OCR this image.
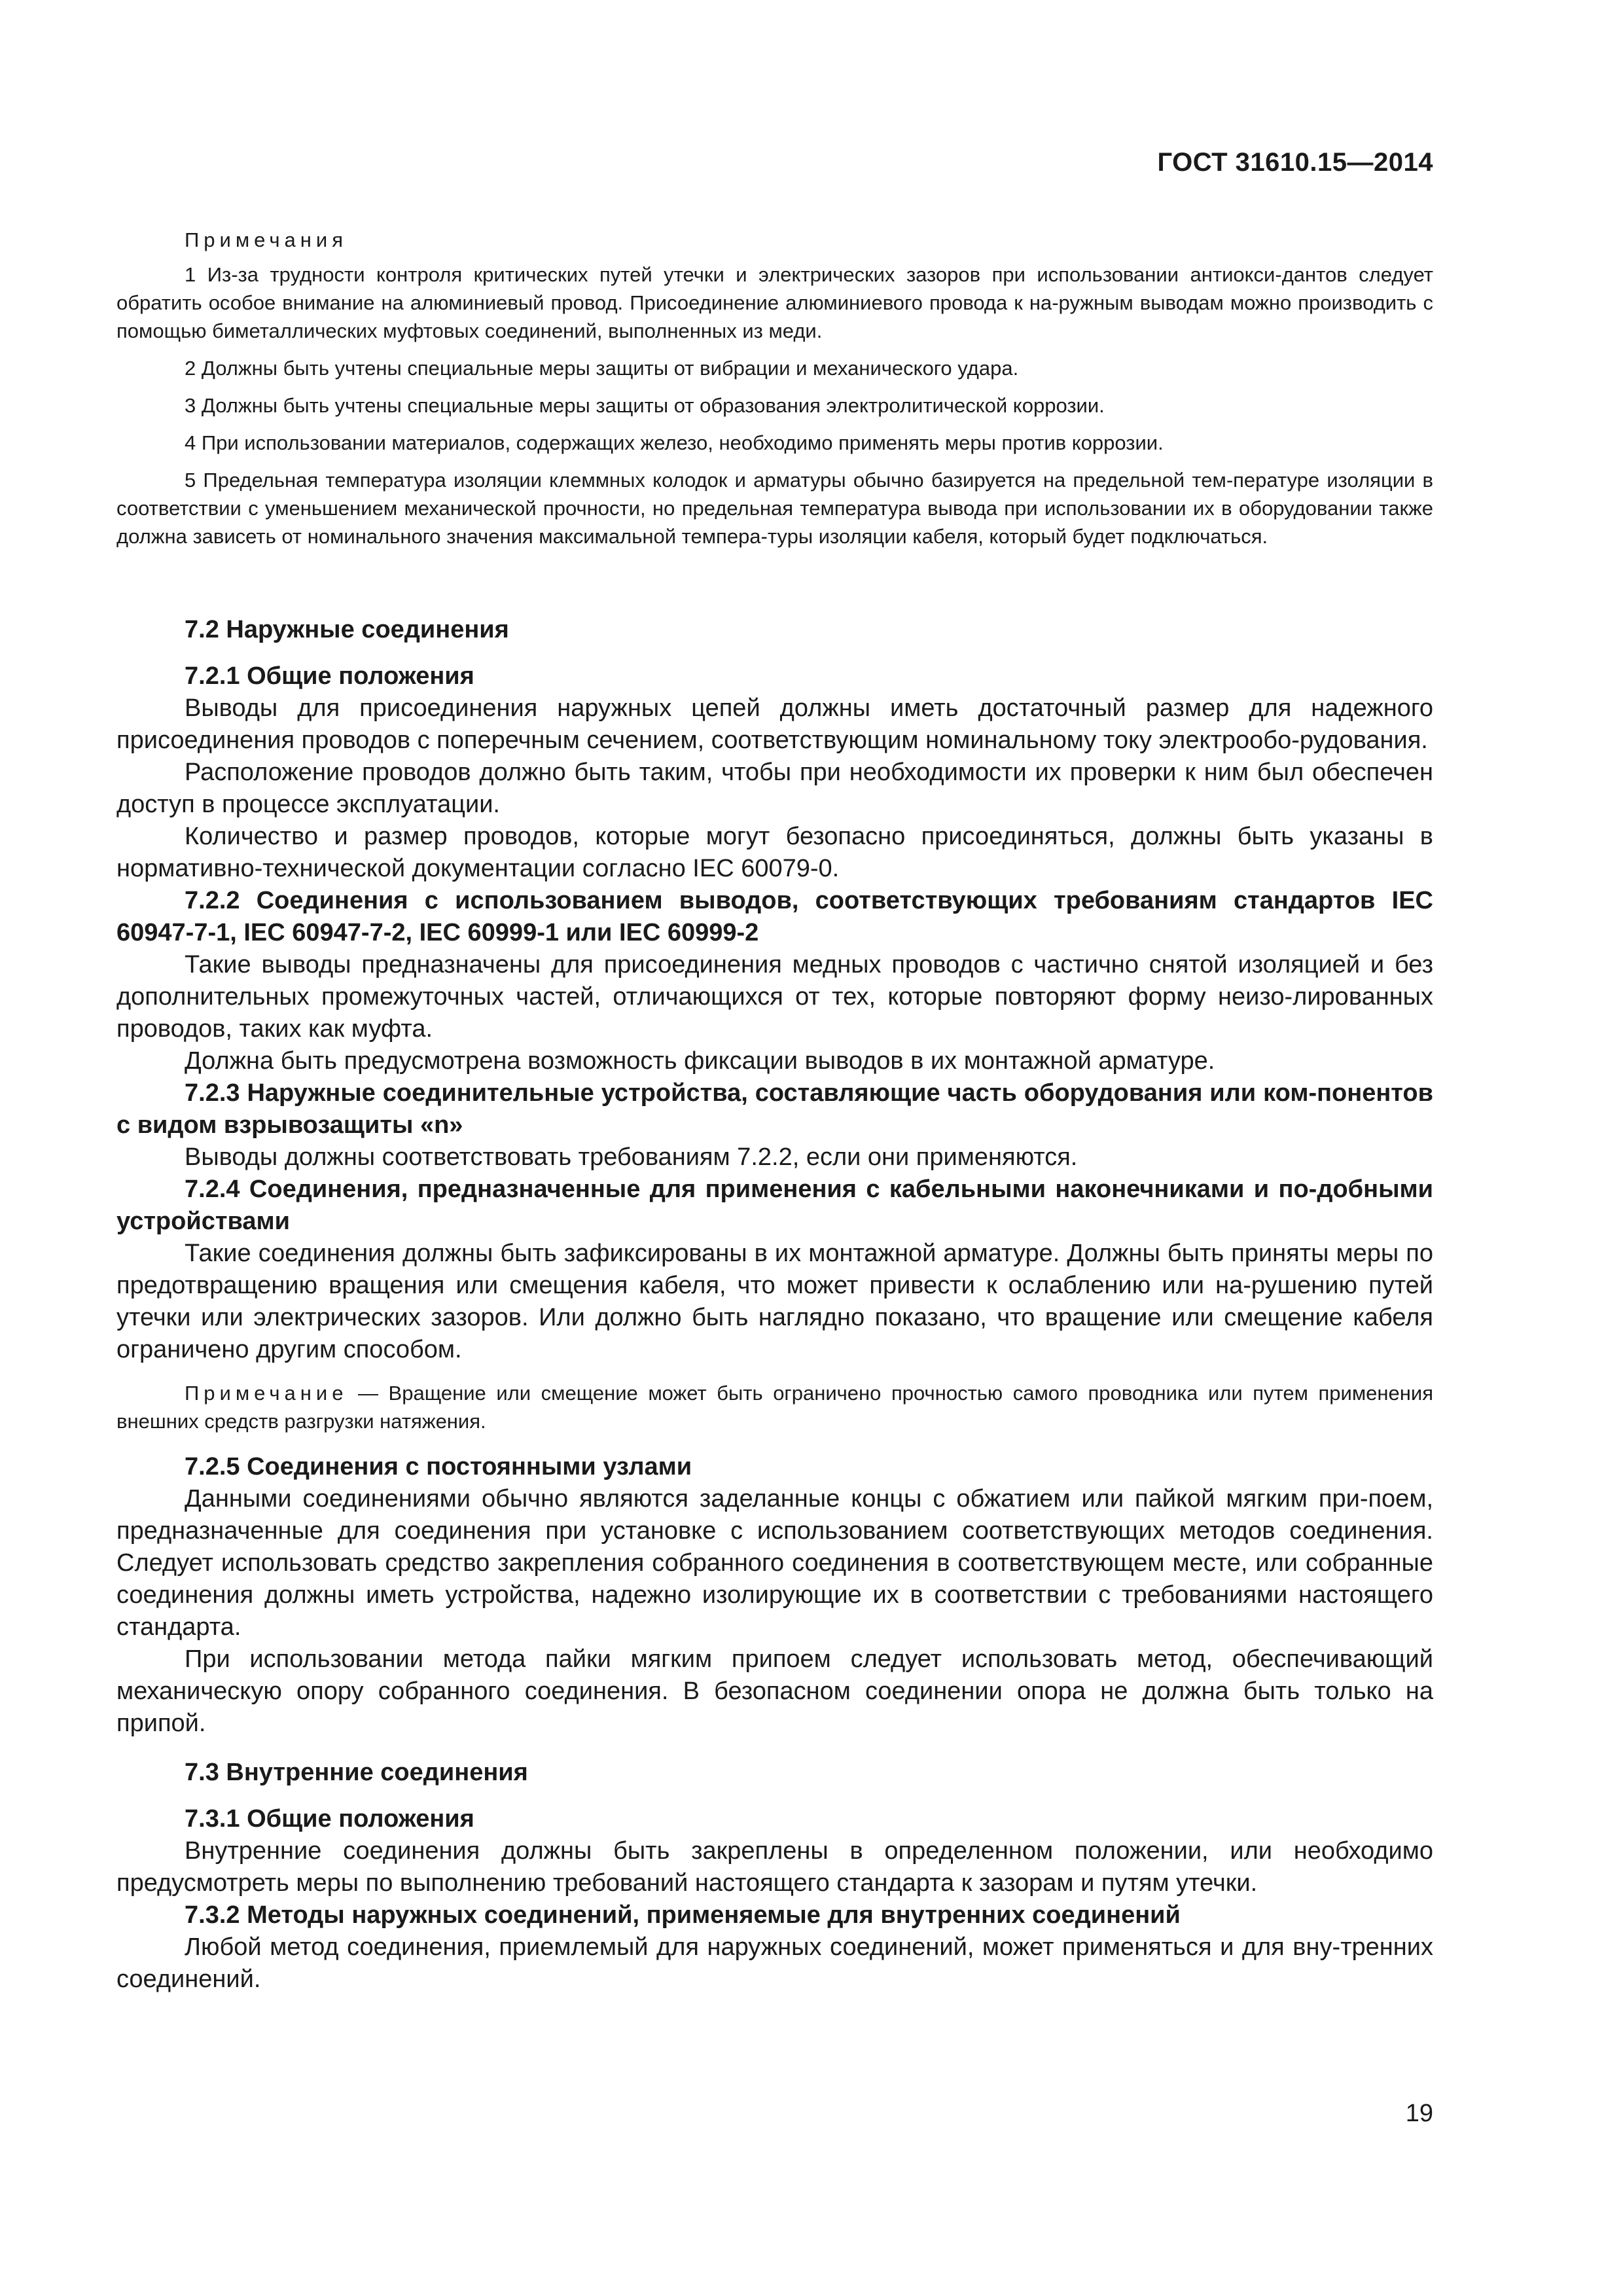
ГОСТ 31610.15—2014
Примечания

1 Из-за трудности контроля критических путей утечки и электрических зазоров при использовании антиокси-дантов следует обратить особое внимание на алюминиевый провод. Присоединение алюминиевого провода к на-ружным выводам можно производить с помощью биметаллических муфтовых соединений, выполненных из меди.

2 Должны быть учтены специальные меры защиты от вибрации и механического удара.

3 Должны быть учтены специальные меры защиты от образования электролитической коррозии.

4 При использовании материалов, содержащих железо, необходимо применять меры против коррозии.

5 Предельная температура изоляции клеммных колодок и арматуры обычно базируется на предельной тем-пературе изоляции в соответствии с уменьшением механической прочности, но предельная температура вывода при использовании их в оборудовании также должна зависеть от номинального значения максимальной темпера-туры изоляции кабеля, который будет подключаться.

7.2 Наружные соединения
7.2.1 Общие положения

Выводы для присоединения наружных цепей должны иметь достаточный размер для надежного присоединения проводов с поперечным сечением, соответствующим номинальному току электрообо-рудования.

Расположение проводов должно быть таким, чтобы при необходимости их проверки к ним был обеспечен доступ в процессе эксплуатации.

Количество и размер проводов, которые могут безопасно присоединяться, должны быть указаны в нормативно-технической документации согласно IEC 60079-0.

7.2.2 Соединения с использованием выводов, соответствующих требованиям стандартов IEC 60947-7-1, IEC 60947-7-2, IEC 60999-1 или IEC 60999-2

Такие выводы предназначены для присоединения медных проводов с частично снятой изоляцией и без дополнительных промежуточных частей, отличающихся от тех, которые повторяют форму неизо-лированных проводов, таких как муфта.

Должна быть предусмотрена возможность фиксации выводов в их монтажной арматуре.

7.2.3 Наружные соединительные устройства, составляющие часть оборудования или ком-понентов с видом взрывозащиты «n»

Выводы должны соответствовать требованиям 7.2.2, если они применяются.

7.2.4 Соединения, предназначенные для применения с кабельными наконечниками и по-добными устройствами

Такие соединения должны быть зафиксированы в их монтажной арматуре. Должны быть приняты меры по предотвращению вращения или смещения кабеля, что может привести к ослаблению или на-рушению путей утечки или электрических зазоров. Или должно быть наглядно показано, что вращение или смещение кабеля ограничено другим способом.

Примечание — Вращение или смещение может быть ограничено прочностью самого проводника или путем применения внешних средств разгрузки натяжения.
7.2.5 Соединения с постоянными узлами

Данными соединениями обычно являются заделанные концы с обжатием или пайкой мягким при-поем, предназначенные для соединения при установке с использованием соответствующих методов соединения. Следует использовать средство закрепления собранного соединения в соответствующем месте, или собранные соединения должны иметь устройства, надежно изолирующие их в соответствии с требованиями настоящего стандарта.

При использовании метода пайки мягким припоем следует использовать метод, обеспечивающий механическую опору собранного соединения. В безопасном соединении опора не должна быть только на припой.

7.3 Внутренние соединения
7.3.1 Общие положения

Внутренние соединения должны быть закреплены в определенном положении, или необходимо предусмотреть меры по выполнению требований настоящего стандарта к зазорам и путям утечки.

7.3.2 Методы наружных соединений, применяемые для внутренних соединений

Любой метод соединения, приемлемый для наружных соединений, может применяться и для вну-тренних соединений.

19
